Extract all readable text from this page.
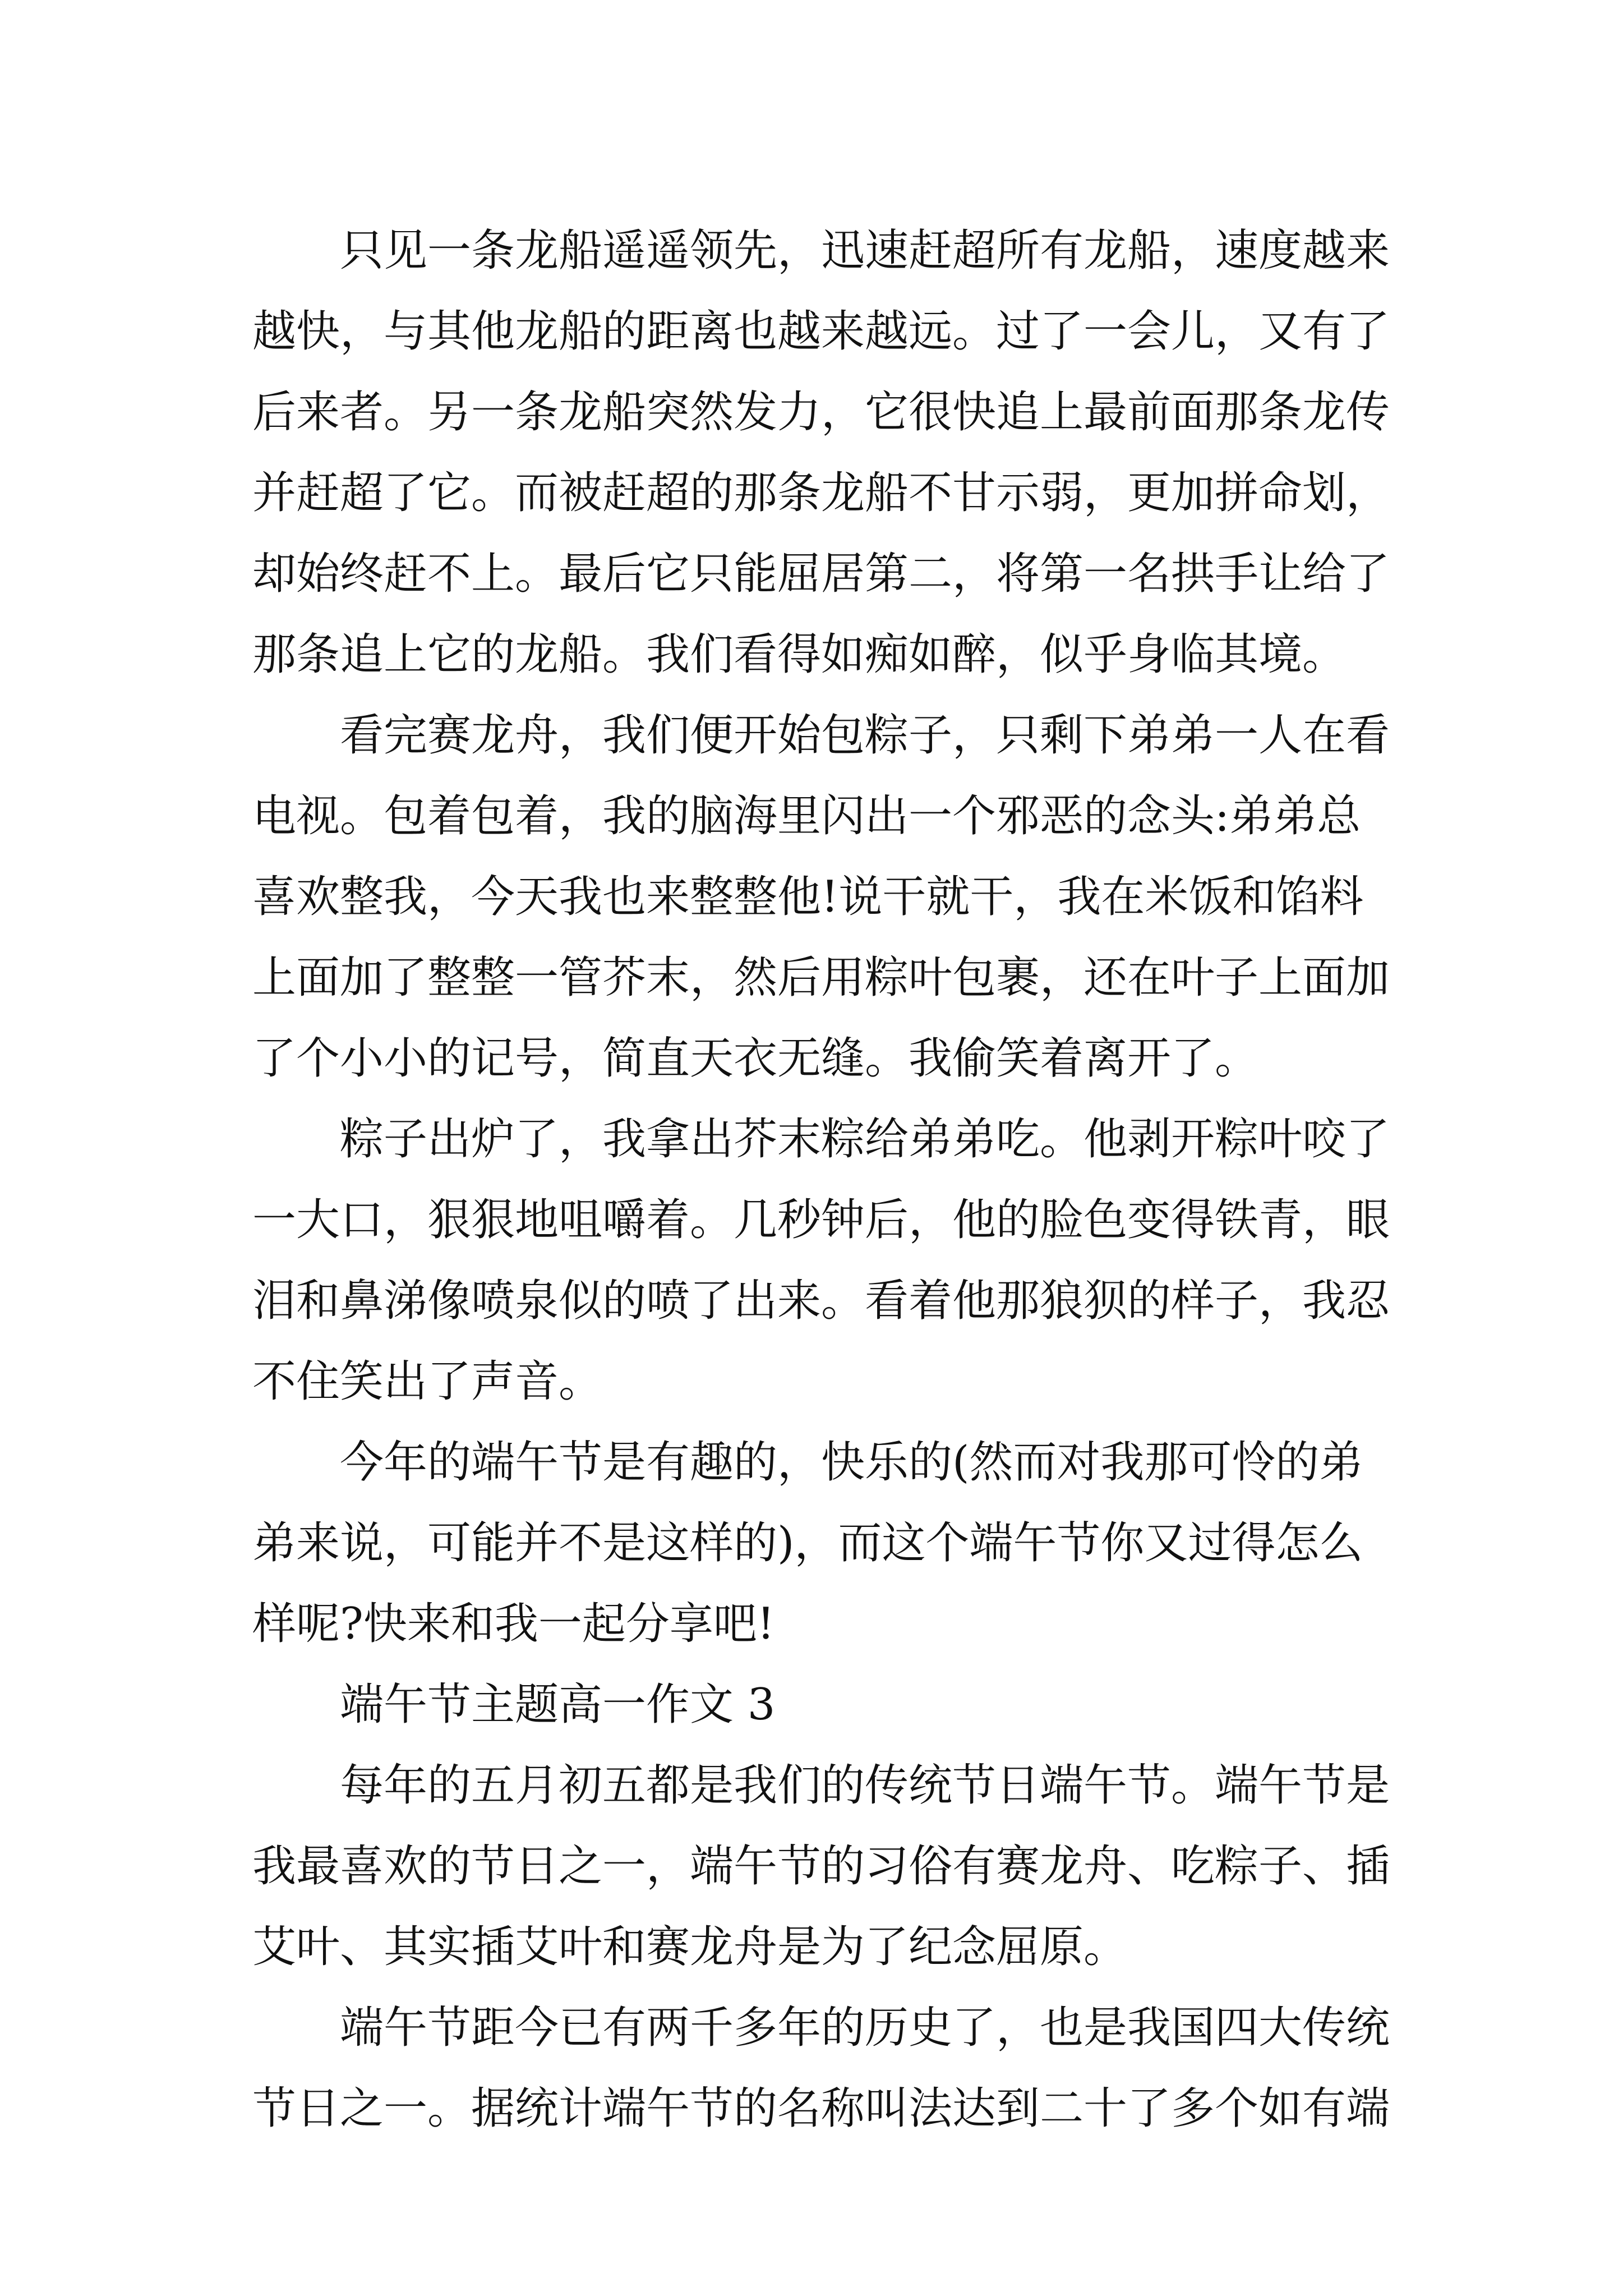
只见一条龙船遥遥领先，迅速赶超所有龙船，速度越来
越快，与其他龙船的距离也越来越远。过了一会儿，又有了
后来者。另一条龙船突然发力，它很快追上最前面那条龙传
并赶超了它。而被赶超的那条龙船不甘示弱，更加拼命划，
却始终赶不上。最后它只能屈居第二，将第一名拱手让给了
那条追上它的龙船。我们看得如痴如醉，似乎身临其境。
看完赛龙舟，我们便开始包粽子，只剩下弟弟一人在看
电视。包着包着，我的脑海里闪出一个邪恶的念头:弟弟总
喜欢整我，今天我也来整整他!说干就干，我在米饭和馅料
上面加了整整一管芥末，然后用粽叶包裹，还在叶子上面加
了个小小的记号，简直天衣无缝。我偷笑着离开了。
粽子出炉了，我拿出芥末粽给弟弟吃。他剥开粽叶咬了
一大口，狠狠地咀嚼着。几秒钟后，他的脸色变得铁青，眼
泪和鼻涕像喷泉似的喷了出来。看着他那狼狈的样子，我忍
不住笑出了声音。
今年的端午节是有趣的，快乐的(然而对我那可怜的弟
弟来说，可能并不是这样的)，而这个端午节你又过得怎么
样呢?快来和我一起分享吧!
端午节主题高一作文 3
每年的五月初五都是我们的传统节日端午节。端午节是
我最喜欢的节日之一，端午节的习俗有赛龙舟、吃粽子、插
艾叶、其实插艾叶和赛龙舟是为了纪念屈原。
端午节距今已有两千多年的历史了，也是我国四大传统
节日之一。据统计端午节的名称叫法达到二十了多个如有端
